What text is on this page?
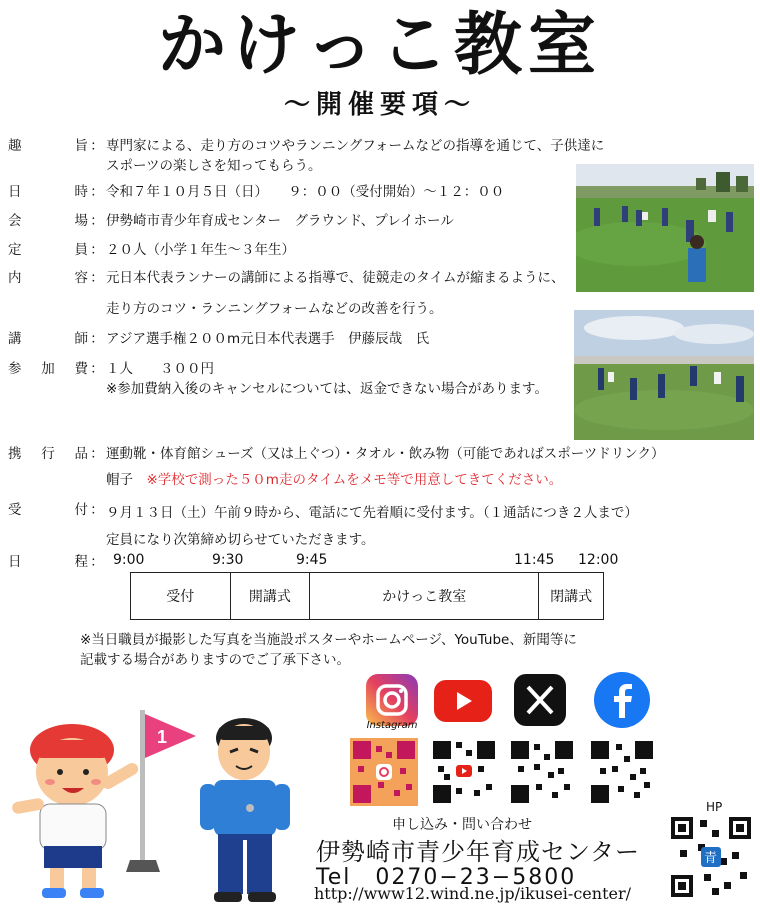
かけっこ教室
〜開催要項〜
趣旨 ： 専門家による、走り方のコツやランニングフォームなどの指導を通じて、子供達に
スポーツの楽しさを知ってもらう。
日時 ： 令和７年１０月５日（日）　　９：００（受付開始）〜１２：００
会場 ： 伊勢崎市青少年育成センター　グラウンド、プレイホール
定員 ： ２０人（小学１年生〜３年生）
内容 ： 元日本代表ランナーの講師による指導で、徒競走のタイムが縮まるように、
走り方のコツ・ランニングフォームなどの改善を行う。
講師 ： アジア選手権２００m元日本代表選手　伊藤辰哉　氏
参加費 ： １人　　３００円
※参加費納入後のキャンセルについては、返金できない場合があります。
携行品 ： 運動靴・体育館シューズ（又は上ぐつ）・タオル・飲み物（可能であればスポーツドリンク）
帽子　※学校で測った５０m走のタイムをメモ等で用意してきてください。
受付 ： ９月１３日（土）午前９時から、電話にて先着順に受付ます。（１通話につき２人まで）
定員になり次第締め切らせていただきます。
日程 ： 9:00	9:30	9:45	11:45 12:00
受付	開講式	かけっこ教室	閉講式
※当日職員が撮影した写真を当施設ポスターやホームページ、YouTube、新聞等に
記載する場合がありますのでご了承下さい。
1
Instagram
申し込み・問い合わせ
伊勢崎市青少年育成センター
Tel　0270−23−5800
http://www12.wind.ne.jp/ikusei-center/
HP
青
